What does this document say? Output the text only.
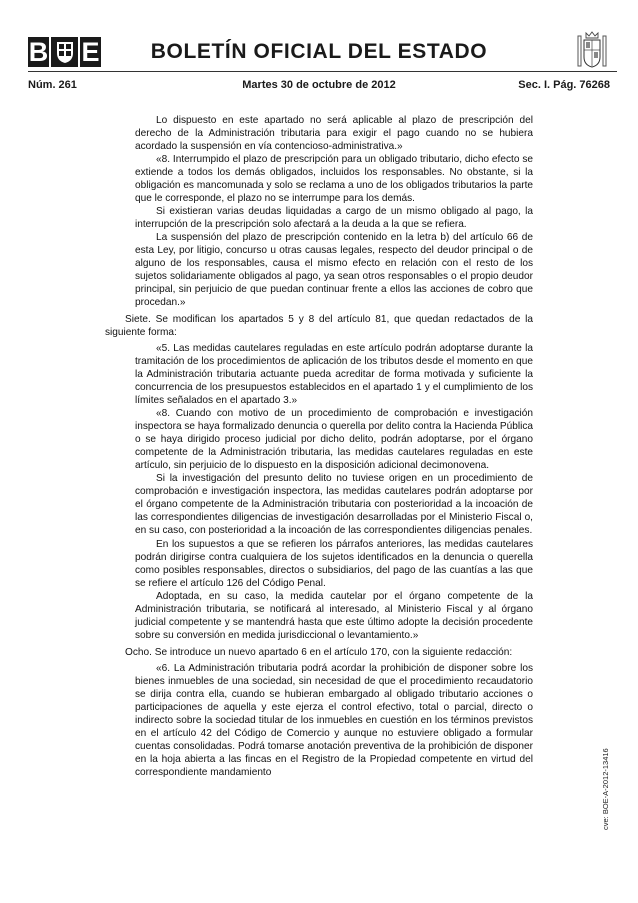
B E	BOLETÍN OFICIAL DEL ESTADO
Núm. 261	Martes 30 de octubre de 2012	Sec. I. Pág. 76268

Lo dispuesto en este apartado no será aplicable al plazo de prescripción del derecho de la Administración tributaria para exigir el pago cuando no se hubiera acordado la suspensión en vía contencioso-administrativa.»

«8. Interrumpido el plazo de prescripción para un obligado tributario, dicho efecto se extiende a todos los demás obligados, incluidos los responsables. No obstante, si la obligación es mancomunada y solo se reclama a uno de los obligados tributarios la parte que le corresponde, el plazo no se interrumpe para los demás.

Si existieran varias deudas liquidadas a cargo de un mismo obligado al pago, la interrupción de la prescripción solo afectará a la deuda a la que se refiera.

La suspensión del plazo de prescripción contenido en la letra b) del artículo 66 de esta Ley, por litigio, concurso u otras causas legales, respecto del deudor principal o de alguno de los responsables, causa el mismo efecto en relación con el resto de los sujetos solidariamente obligados al pago, ya sean otros responsables o el propio deudor principal, sin perjuicio de que puedan continuar frente a ellos las acciones de cobro que procedan.»

Siete. Se modifican los apartados 5 y 8 del artículo 81, que quedan redactados de la siguiente forma:

«5. Las medidas cautelares reguladas en este artículo podrán adoptarse durante la tramitación de los procedimientos de aplicación de los tributos desde el momento en que la Administración tributaria actuante pueda acreditar de forma motivada y suficiente la concurrencia de los presupuestos establecidos en el apartado 1 y el cumplimiento de los límites señalados en el apartado 3.»

«8. Cuando con motivo de un procedimiento de comprobación e investigación inspectora se haya formalizado denuncia o querella por delito contra la Hacienda Pública o se haya dirigido proceso judicial por dicho delito, podrán adoptarse, por el órgano competente de la Administración tributaria, las medidas cautelares reguladas en este artículo, sin perjuicio de lo dispuesto en la disposición adicional decimonovena.

Si la investigación del presunto delito no tuviese origen en un procedimiento de comprobación e investigación inspectora, las medidas cautelares podrán adoptarse por el órgano competente de la Administración tributaria con posterioridad a la incoación de las correspondientes diligencias de investigación desarrolladas por el Ministerio Fiscal o, en su caso, con posterioridad a la incoación de las correspondientes diligencias penales.

En los supuestos a que se refieren los párrafos anteriores, las medidas cautelares podrán dirigirse contra cualquiera de los sujetos identificados en la denuncia o querella como posibles responsables, directos o subsidiarios, del pago de las cuantías a las que se refiere el artículo 126 del Código Penal.

Adoptada, en su caso, la medida cautelar por el órgano competente de la Administración tributaria, se notificará al interesado, al Ministerio Fiscal y al órgano judicial competente y se mantendrá hasta que este último adopte la decisión procedente sobre su conversión en medida jurisdiccional o levantamiento.»

Ocho. Se introduce un nuevo apartado 6 en el artículo 170, con la siguiente redacción:

«6. La Administración tributaria podrá acordar la prohibición de disponer sobre los bienes inmuebles de una sociedad, sin necesidad de que el procedimiento recaudatorio se dirija contra ella, cuando se hubieran embargado al obligado tributario acciones o participaciones de aquella y este ejerza el control efectivo, total o parcial, directo o indirecto sobre la sociedad titular de los inmuebles en cuestión en los términos previstos en el artículo 42 del Código de Comercio y aunque no estuviere obligado a formular cuentas consolidadas. Podrá tomarse anotación preventiva de la prohibición de disponer en la hoja abierta a las fincas en el Registro de la Propiedad competente en virtud del correspondiente mandamiento	cve: BOE-A-2012-13416
